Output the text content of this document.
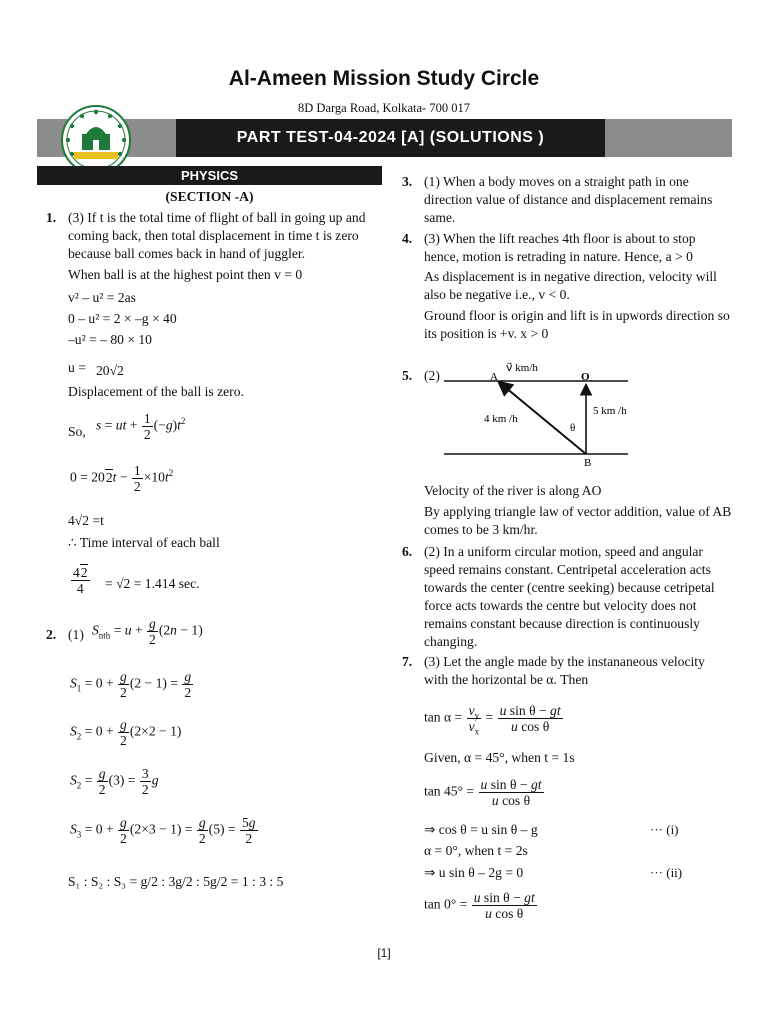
Al-Ameen Mission Study Circle
8D Darga Road, Kolkata- 700 017
PART TEST-04-2024 [A] (SOLUTIONS )
PHYSICS
(SECTION -A)
1. (3) If t is the total time of flight of ball in going up and coming back, then total displacement in time t is zero because ball comes back in hand of juggler.
When ball is at the highest point then v = 0
v² – u² = 2as
0 – u² = 2 × –g × 40
–u² = – 80 × 10
u = 20√2
Displacement of the ball is zero.
So, s = ut + $\frac{1}{2} (-g)t^2$
$0 = 202t - \frac{1}{2} \times 10t^2$
4√2 =t
∴ Time interval of each ball
$\frac{42}{4} = √2 = 1.414$ sec.
2. (1) $S_{nth} = u + \frac{g}{2} (2n - 1)$
$S_1 = 0 + \frac{g}{2} (2 - 1) = \frac{g}{2}$
$S_2 = 0 + \frac{g}{2} (2\times 2 - 1)$
$S_2 = \frac{g}{2} (3) = \frac{3}{2}$ g
$S_3 = 0 + \frac{g}{2} (2\times 3 - 1) = \frac{g}{2} (5) = \frac{5g}{2}$
S₁ : S₂ : S₃ = g/2 : 3g/2 : 5g/2 = 1 : 3 : 5
3. (1) When a body moves on a straight path in one direction value of distance and displacement remains same.
4. (3) When the lift reaches 4th floor is about to stop hence, motion is retrading in nature. Hence, a > 0
As displacement is in negative direction, velocity will also be negative i.e., v < 0.
Ground floor is origin and lift is in upwords direction so its position is +v. x > 0
5. (2)	v⃗ km/h
A	O
B
4 km /h
5 km /h
θ
Velocity of the river is along AO
By applying triangle law of vector addition, value of AB comes to be 3 km/hr.
6. (2) In a uniform circular motion, speed and angular speed remains constant. Centripetal acceleration acts towards the center (centre seeking) because cetripetal force acts towards the centre but velocity does not remains constant because direction is continuously changing.
7. (3) Let the angle made by the instananeous velocity with the horizontal be α. Then
$\tan \alpha = \frac{v_y}{v_x} = \frac{\text{u sin θ − gt}}{\text{u cos θ}}$
Given, α = 45°, when t = 1s
$\tan 45^\circ = \frac{\text{u sin θ − gt}}{\text{u cos θ}}$
⇒ cos θ = u sin θ – g	··· (i)
α = 0°, when t = 2s
⇒ u sin θ – 2g = 0	··· (ii)
$\tan 0^\circ = \frac{\text{u sin θ − gt}}{\text{u cos θ}}$
[1]
